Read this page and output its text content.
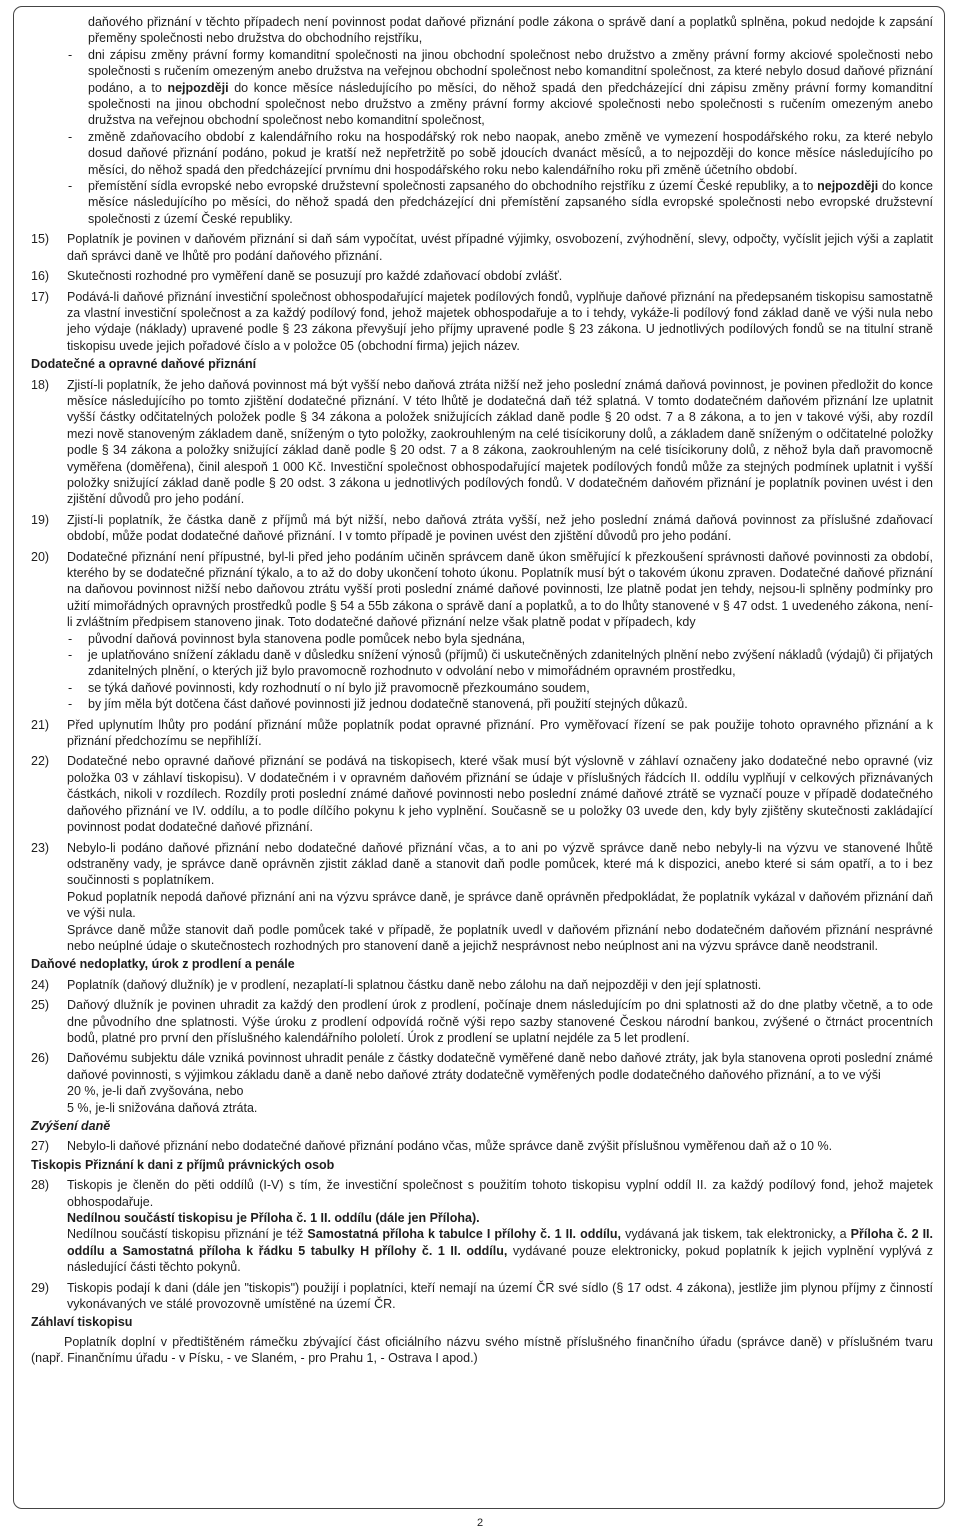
daňového přiznání v těchto případech není povinnost podat daňové přiznání podle zákona o správě daní a poplatků splněna, pokud nedojde k zapsání přeměny společnosti nebo družstva do obchodního rejstříku,
- dni zápisu změny právní formy komanditní společnosti na jinou obchodní společnost nebo družstvo a změny právní formy akciové společnosti nebo společnosti s ručením omezeným anebo družstva na veřejnou obchodní společnost nebo komanditní společnost, za které nebylo dosud daňové přiznání podáno, a to nejpozději do konce měsíce následujícího po měsíci, do něhož spadá den předcházející dni zápisu změny právní formy komanditní společnosti na jinou obchodní společnost nebo družstvo a změny právní formy akciové společnosti nebo společnosti s ručením omezeným anebo družstva na veřejnou obchodní společnost nebo komanditní společnost,
- změně zdaňovacího období z kalendářního roku na hospodářský rok nebo naopak, anebo změně ve vymezení hospodářského roku, za které nebylo dosud daňové přiznání podáno, pokud je kratší než nepřetržitě po sobě jdoucích dvanáct měsíců, a to nejpozději do konce měsíce následujícího po měsíci, do něhož spadá den předcházející prvnímu dni hospodářského roku nebo kalendářního roku při změně účetního období.
- přemístění sídla evropské nebo evropské družstevní společnosti zapsaného do obchodního rejstříku z území České republiky, a to nejpozději do konce měsíce následujícího po měsíci, do něhož spadá den předcházející dni přemístění zapsaného sídla evropské společnosti nebo evropské družstevní společnosti z území České republiky.
15) Poplatník je povinen v daňovém přiznání si daň sám vypočítat, uvést případné výjimky, osvobození, zvýhodnění, slevy, odpočty, vyčíslit jejich výši a zaplatit daň správci daně ve lhůtě pro podání daňového přiznání.
16) Skutečnosti rozhodné pro vyměření daně se posuzují pro každé zdaňovací období zvlášť.
17) Podává-li daňové přiznání investiční společnost obhospodařující majetek podílových fondů, vyplňuje daňové přiznání na předepsaném tiskopisu samostatně za vlastní investiční společnost a za každý podílový fond, jehož majetek obhospodařuje a to i tehdy, vykáže-li podílový fond základ daně ve výši nula nebo jeho výdaje (náklady) upravené podle § 23 zákona převyšují jeho příjmy upravené podle § 23 zákona. U jednotlivých podílových fondů se na titulní straně tiskopisu uvede jejich pořadové číslo a v položce 05 (obchodní firma) jejich název.
Dodatečné a opravné daňové přiznání
18) Zjistí-li poplatník, že jeho daňová povinnost má být vyšší nebo daňová ztráta nižší než jeho poslední známá daňová povinnost, je povinen předložit do konce měsíce následujícího po tomto zjištění dodatečné přiznání. V této lhůtě je dodatečná daň též splatná. V tomto dodatečném daňovém přiznání lze uplatnit vyšší částky odčitatelných položek podle § 34 zákona a položek snižujících základ daně podle § 20 odst. 7 a 8 zákona, a to jen v takové výši, aby rozdíl mezi nově stanoveným základem daně, sníženým o tyto položky, zaokrouhleným na celé tisícikoruny dolů, a základem daně sníženým o odčitatelné položky podle § 34 zákona a položky snižující základ daně podle § 20 odst. 7 a 8 zákona, zaokrouhleným na celé tisícikoruny dolů, z něhož byla daň pravomocně vyměřena (doměřena), činil alespoň 1 000 Kč. Investiční společnost obhospodařující majetek podílových fondů může za stejných podmínek uplatnit i vyšší položky snižující základ daně podle § 20 odst. 3 zákona u jednotlivých podílových fondů. V dodatečném daňovém přiznání je poplatník povinen uvést i den zjištění důvodů pro jeho podání.
19) Zjistí-li poplatník, že částka daně z příjmů má být nižší, nebo daňová ztráta vyšší, než jeho poslední známá daňová povinnost za příslušné zdaňovací období, může podat dodatečné daňové přiznání. I v tomto případě je povinen uvést den zjištění důvodů pro jeho podání.
20) Dodatečné přiznání není přípustné, byl-li před jeho podáním učiněn správcem daně úkon směřující k přezkoušení správnosti daňové povinnosti za období, kterého by se dodatečné přiznání týkalo, a to až do doby ukončení tohoto úkonu. Poplatník musí být o takovém úkonu zpraven. Dodatečné daňové přiznání na daňovou povinnost nižší nebo daňovou ztrátu vyšší proti poslední známé daňové povinnosti, lze platně podat jen tehdy, nejsou-li splněny podmínky pro užití mimořádných opravných prostředků podle § 54 a 55b zákona o správě daní a poplatků, a to do lhůty stanovené v § 47 odst. 1 uvedeného zákona, není-li zvláštním předpisem stanoveno jinak. Toto dodatečné daňové přiznání nelze však platně podat v případech, kdy
- původní daňová povinnost byla stanovena podle pomůcek nebo byla sjednána,
- je uplatňováno snížení základu daně v důsledku snížení výnosů (příjmů) či uskutečněných zdanitelných plnění nebo zvýšení nákladů (výdajů) či přijatých zdanitelných plnění, o kterých již bylo pravomocně rozhodnuto v odvolání nebo v mimořádném opravném prostředku,
- se týká daňové povinnosti, kdy rozhodnutí o ní bylo již pravomocně přezkoumáno soudem,
- by jím měla být dotčena část daňové povinnosti již jednou dodatečně stanovená, při použití stejných důkazů.
21) Před uplynutím lhůty pro podání přiznání může poplatník podat opravné přiznání. Pro vyměřovací řízení se pak použije tohoto opravného přiznání a k přiznání předchozímu se nepřihlíží.
22) Dodatečné nebo opravné daňové přiznání se podává na tiskopisech, které však musí být výslovně v záhlaví označeny jako dodatečné nebo opravné (viz položka 03 v záhlaví tiskopisu). V dodatečném i v opravném daňovém přiznání se údaje v příslušných řádcích II. oddílu vyplňují v celkových přiznávaných částkách, nikoli v rozdílech. Rozdíly proti poslední známé daňové povinnosti nebo poslední známé daňové ztrátě se vyznačí pouze v případě dodatečného daňového přiznání ve IV. oddílu, a to podle dílčího pokynu k jeho vyplnění. Současně se u položky 03 uvede den, kdy byly zjištěny skutečnosti zakládající povinnost podat dodatečné daňové přiznání.
23) Nebylo-li podáno daňové přiznání nebo dodatečné daňové přiznání včas, a to ani po výzvě správce daně nebo nebyly-li na výzvu ve stanovené lhůtě odstraněny vady, je správce daně oprávněn zjistit základ daně a stanovit daň podle pomůcek, které má k dispozici, anebo které si sám opatří, a to i bez součinnosti s poplatníkem.
Pokud poplatník nepodá daňové přiznání ani na výzvu správce daně, je správce daně oprávněn předpokládat, že poplatník vykázal v daňovém přiznání daň ve výši nula.
Správce daně může stanovit daň podle pomůcek také v případě, že poplatník uvedl v daňovém přiznání nebo dodatečném daňovém přiznání nesprávné nebo neúplné údaje o skutečnostech rozhodných pro stanovení daně a jejichž nesprávnost nebo neúplnost ani na výzvu správce daně neodstranil.
Daňové nedoplatky, úrok z prodlení a penále
24) Poplatník (daňový dlužník) je v prodlení, nezaplatí-li splatnou částku daně nebo zálohu na daň nejpozději v den její splatnosti.
25) Daňový dlužník je povinen uhradit za každý den prodlení úrok z prodlení, počínaje dnem následujícím po dni splatnosti až do dne platby včetně, a to ode dne původního dne splatnosti. Výše úroku z prodlení odpovídá ročně výši repo sazby stanovené Českou národní bankou, zvýšené o čtrnáct procentních bodů, platné pro první den příslušného kalendářního pololetí. Úrok z prodlení se uplatní nejdéle za 5 let prodlení.
26) Daňovému subjektu dále vzniká povinnost uhradit penále z částky dodatečně vyměřené daně nebo daňové ztráty, jak byla stanovena oproti poslední známé daňové povinnosti, s výjimkou základu daně a daně nebo daňové ztráty dodatečně vyměřených podle dodatečného daňového přiznání, a to ve výši
20 %, je-li daň zvyšována, nebo
5 %, je-li snižována daňová ztráta.
Zvýšení daně
27) Nebylo-li daňové přiznání nebo dodatečné daňové přiznání podáno včas, může správce daně zvýšit příslušnou vyměřenou daň až o 10 %.
Tiskopis Přiznání k dani z příjmů právnických osob
28) Tiskopis je členěn do pěti oddílů (I-V) s tím, že investiční společnost s použitím tohoto tiskopisu vyplní oddíl II. za každý podílový fond, jehož majetek obhospodařuje.
Nedílnou součástí tiskopisu je Příloha č. 1 II. oddílu (dále jen Příloha).
Nedílnou součástí tiskopisu přiznání je též Samostatná příloha k tabulce I přílohy č. 1 II. oddílu, vydávaná jak tiskem, tak elektronicky, a Příloha č. 2 II. oddílu a Samostatná příloha k řádku 5 tabulky H přílohy č. 1 II. oddílu, vydávané pouze elektronicky, pokud poplatník k jejich vyplnění vyplývá z následující části těchto pokynů.
29) Tiskopis podají k dani (dále jen "tiskopis") použijí i poplatníci, kteří nemají na území ČR své sídlo (§ 17 odst. 4 zákona), jestliže jim plynou příjmy z činností vykonávaných ve stálé provozovně umístěné na území ČR.
Záhlaví tiskopisu
Poplatník doplní v předtištěném rámečku zbývající část oficiálního názvu svého místně příslušného finančního úřadu (správce daně) v příslušném tvaru (např. Finančnímu úřadu - v Písku, - ve Slaném, - pro Prahu 1, - Ostrava I apod.)
2
